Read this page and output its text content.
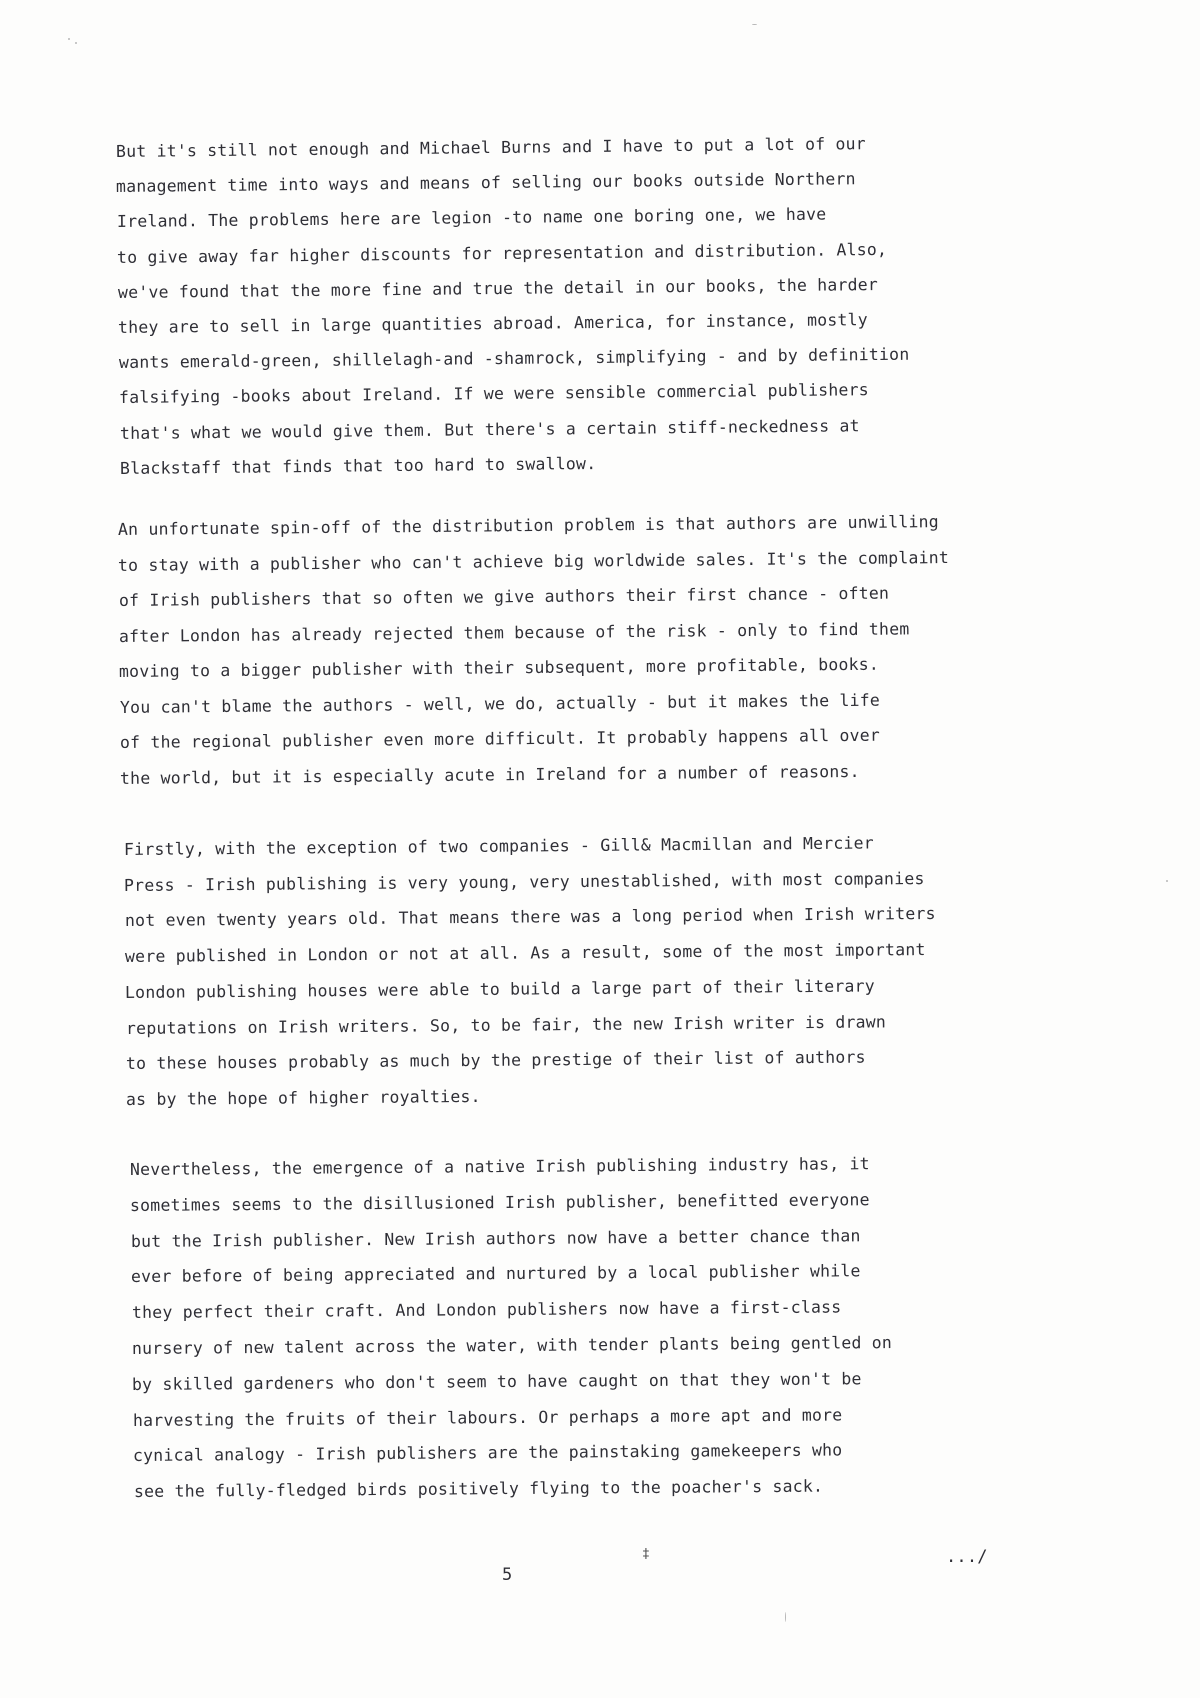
But it's still not enough and Michael Burns and I have to put a lot of our
management time into ways and means of selling our books outside Northern
Ireland. The problems here are legion -to name one boring one, we have
to give away far higher discounts for representation and distribution. Also,
we've found that the more fine and true the detail in our books, the harder
they are to sell in large quantities abroad. America, for instance, mostly
wants emerald-green, shillelagh-and -shamrock, simplifying - and by definition
falsifying -books about Ireland. If we were sensible commercial publishers
that's what we would give them. But there's a certain stiff-neckedness at
Blackstaff that finds that too hard to swallow.
An unfortunate spin-off of the distribution problem is that authors are unwilling
to stay with a publisher who can't achieve big worldwide sales. It's the complaint
of Irish publishers that so often we give authors their first chance - often
after London has already rejected them because of the risk - only to find them
moving to a bigger publisher with their subsequent, more profitable, books.
You can't blame the authors - well, we do, actually - but it makes the life
of the regional publisher even more difficult. It probably happens all over
the world, but it is especially acute in Ireland for a number of reasons.
Firstly, with the exception of two companies - Gill& Macmillan and Mercier
Press - Irish publishing is very young, very unestablished, with most companies
not even twenty years old. That means there was a long period when Irish writers
were published in London or not at all. As a result, some of the most important
London publishing houses were able to build a large part of their literary
reputations on Irish writers. So, to be fair, the new Irish writer is drawn
to these houses probably as much by the prestige of their list of authors
as by the hope of higher royalties.
Nevertheless, the emergence of a native Irish publishing industry has, it
sometimes seems to the disillusioned Irish publisher, benefitted everyone
but the Irish publisher. New Irish authors now have a better chance than
ever before of being appreciated and nurtured by a local publisher while
they perfect their craft. And London publishers now have a first-class
nursery of new talent across the water, with tender plants being gentled on
by skilled gardeners who don't seem to have caught on that they won't be
harvesting the fruits of their labours. Or perhaps a more apt and more
cynical analogy - Irish publishers are the painstaking gamekeepers who
see the fully-fledged birds positively flying to the poacher's sack.
‡	.../
5
